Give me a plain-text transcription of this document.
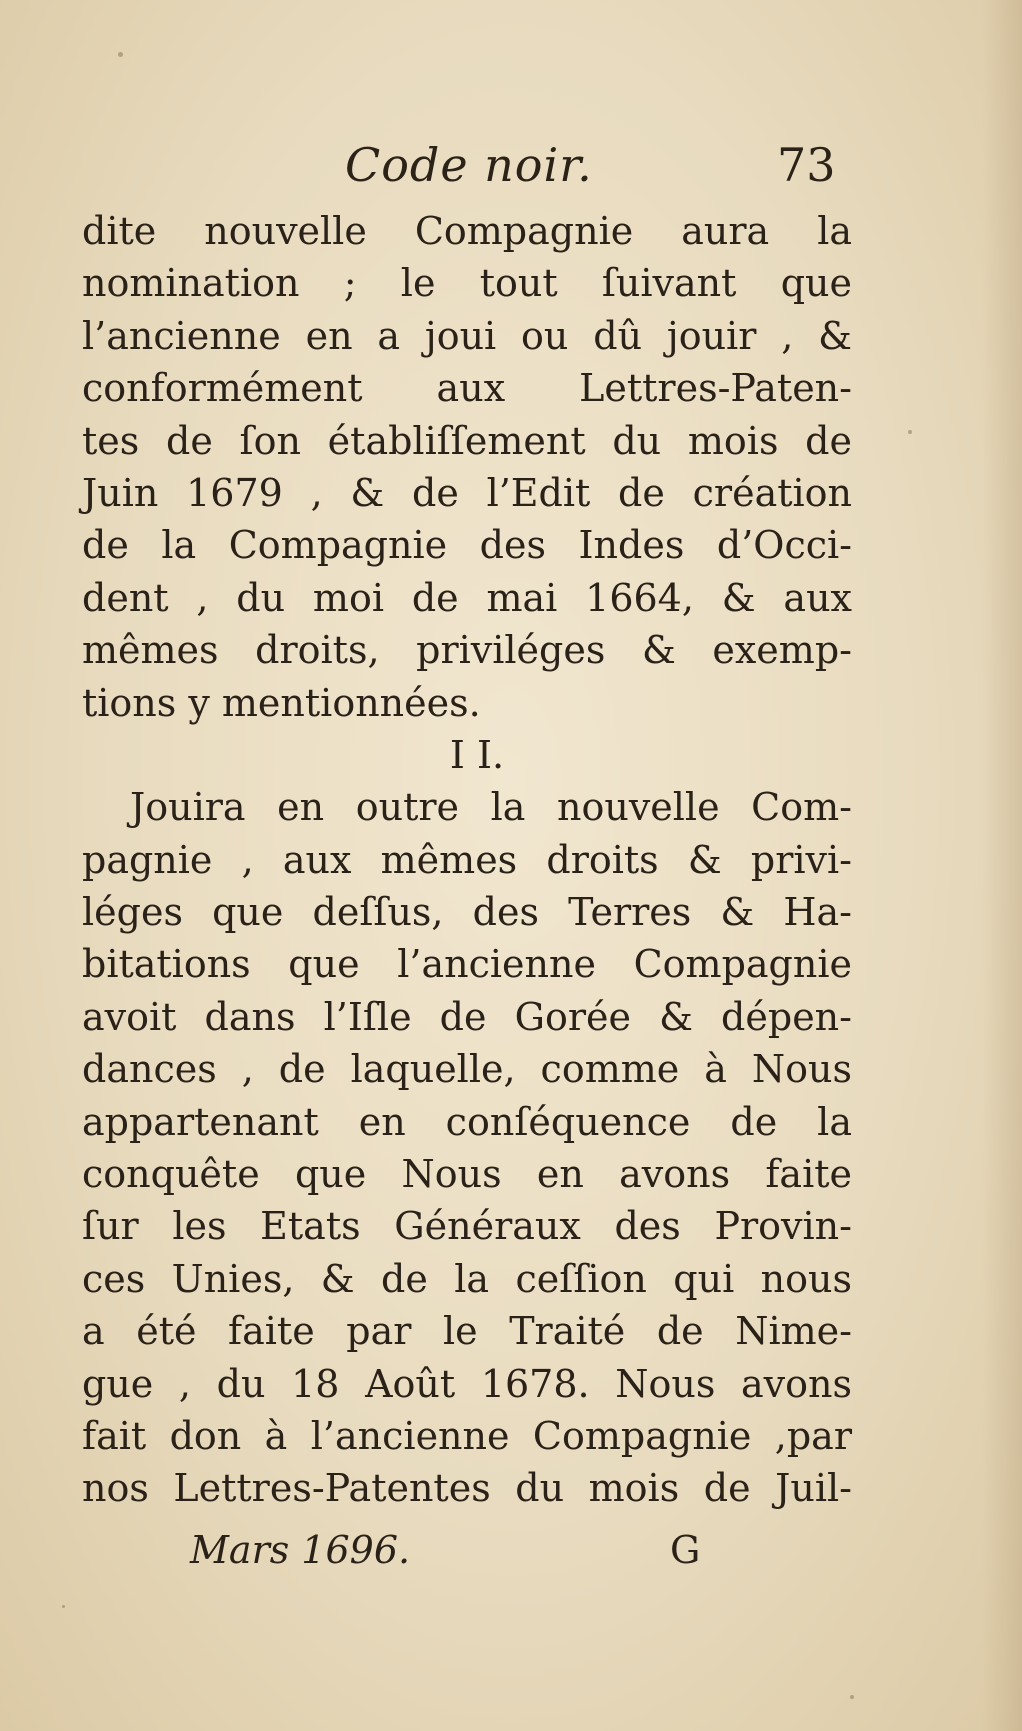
Code noir.	73
dite nouvelle Compagnie aura la
nomination ; le tout ſuivant que
l’ancienne en a joui ou dû jouir , &
conformément aux Lettres-Paten-
tes de ſon établiſſement du mois de
Juin 1679 , & de l’Edit de création
de la Compagnie des Indes d’Occi-
dent , du moi de mai 1664, & aux
mêmes droits, priviléges & exemp-
tions y mentionnées.
I I.
Jouira en outre la nouvelle Com-
pagnie , aux mêmes droits & privi-
léges que deſſus, des Terres & Ha-
bitations que l’ancienne Compagnie
avoit dans l’Iſle de Gorée & dépen-
dances , de laquelle, comme à Nous
appartenant en conſéquence de la
conquête que Nous en avons faite
ſur les Etats Généraux des Provin-
ces Unies, & de la ceſſion qui nous
a été faite par le Traité de Nime-
gue , du 18 Août 1678. Nous avons
fait don à l’ancienne Compagnie ,par
nos Lettres-Patentes du mois de Juil-
Mars 1696.	G
